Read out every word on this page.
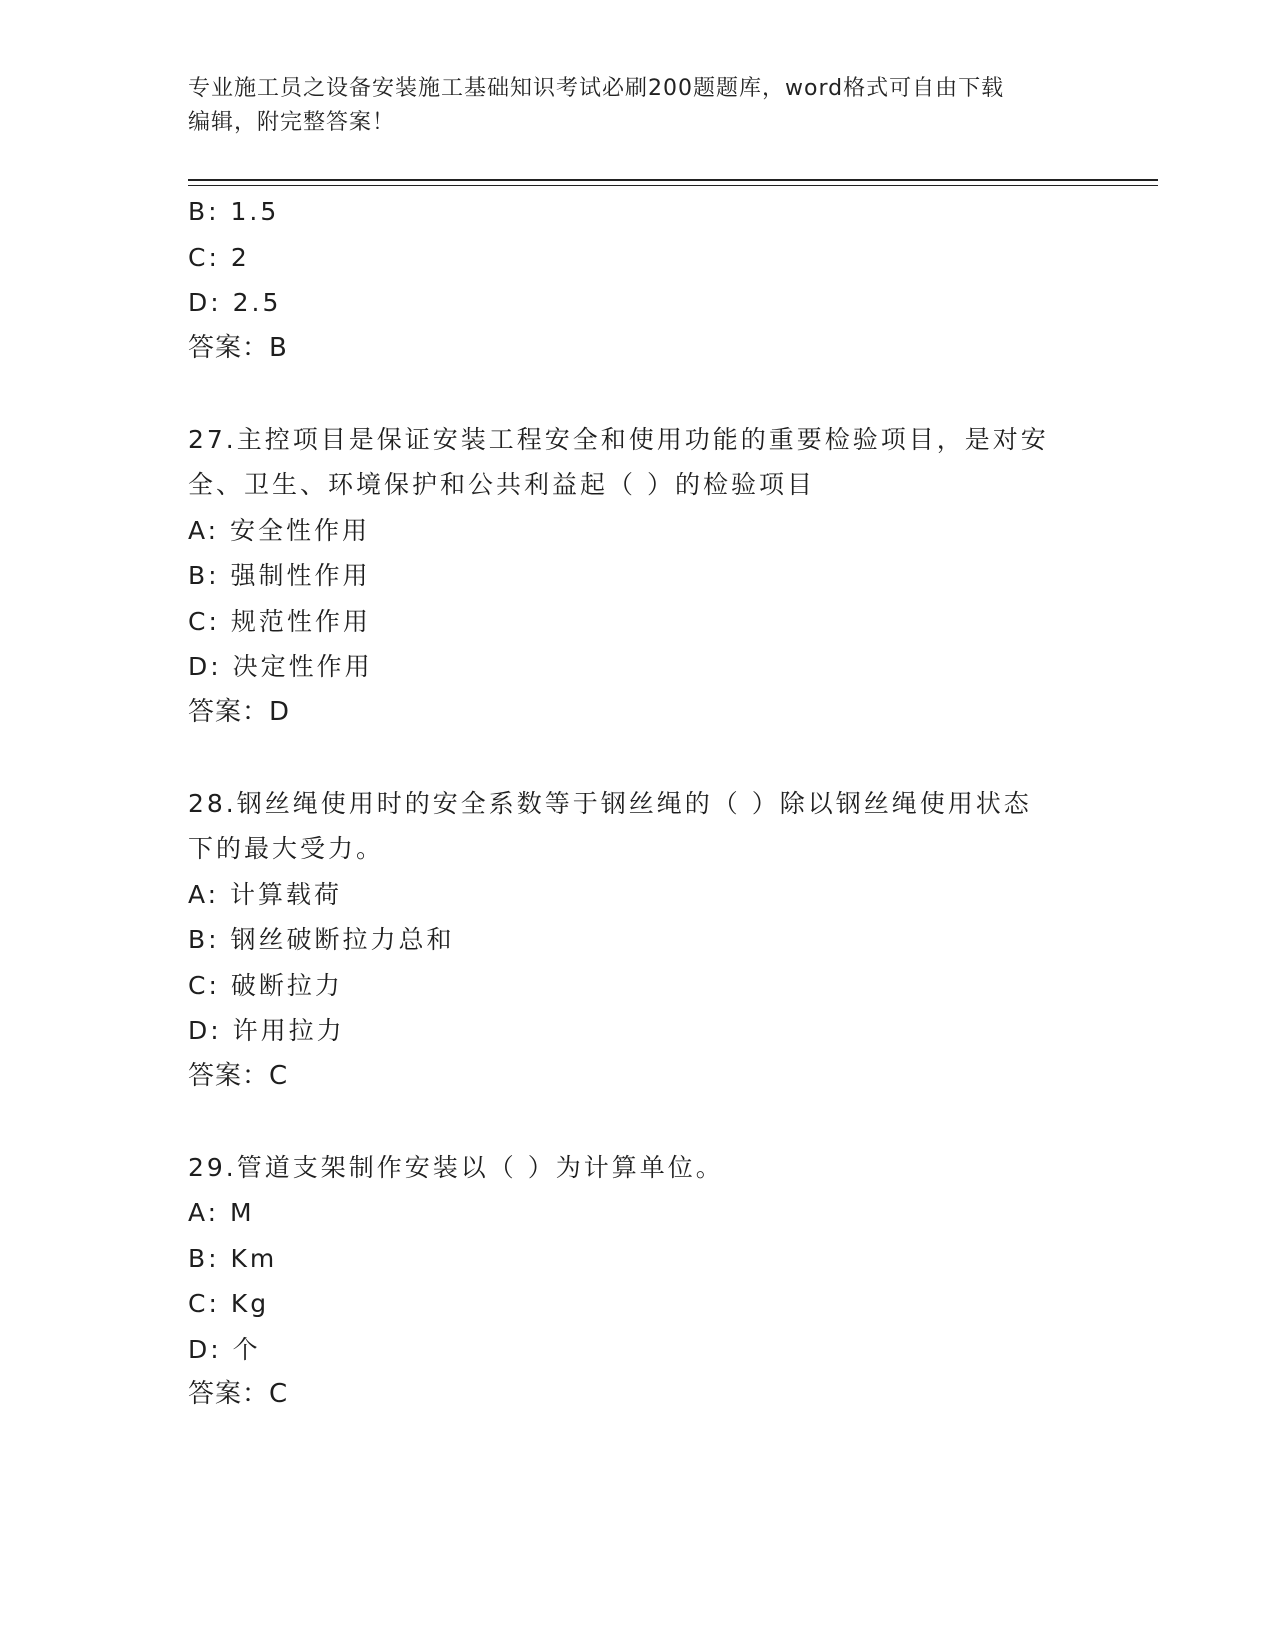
专业施工员之设备安装施工基础知识考试必刷200题题库，word格式可自由下载
编辑，附完整答案！
B: 1.5
C: 2
D: 2.5
答案：B
27.主控项目是保证安装工程安全和使用功能的重要检验项目，是对安
全、卫生、环境保护和公共利益起（ ）的检验项目
A: 安全性作用
B: 强制性作用
C: 规范性作用
D: 决定性作用
答案：D
28.钢丝绳使用时的安全系数等于钢丝绳的（ ）除以钢丝绳使用状态
下的最大受力。
A: 计算载荷
B: 钢丝破断拉力总和
C: 破断拉力
D: 许用拉力
答案：C
29.管道支架制作安装以（ ）为计算单位。
A: M
B: Km
C: Kg
D: 个
答案：C
